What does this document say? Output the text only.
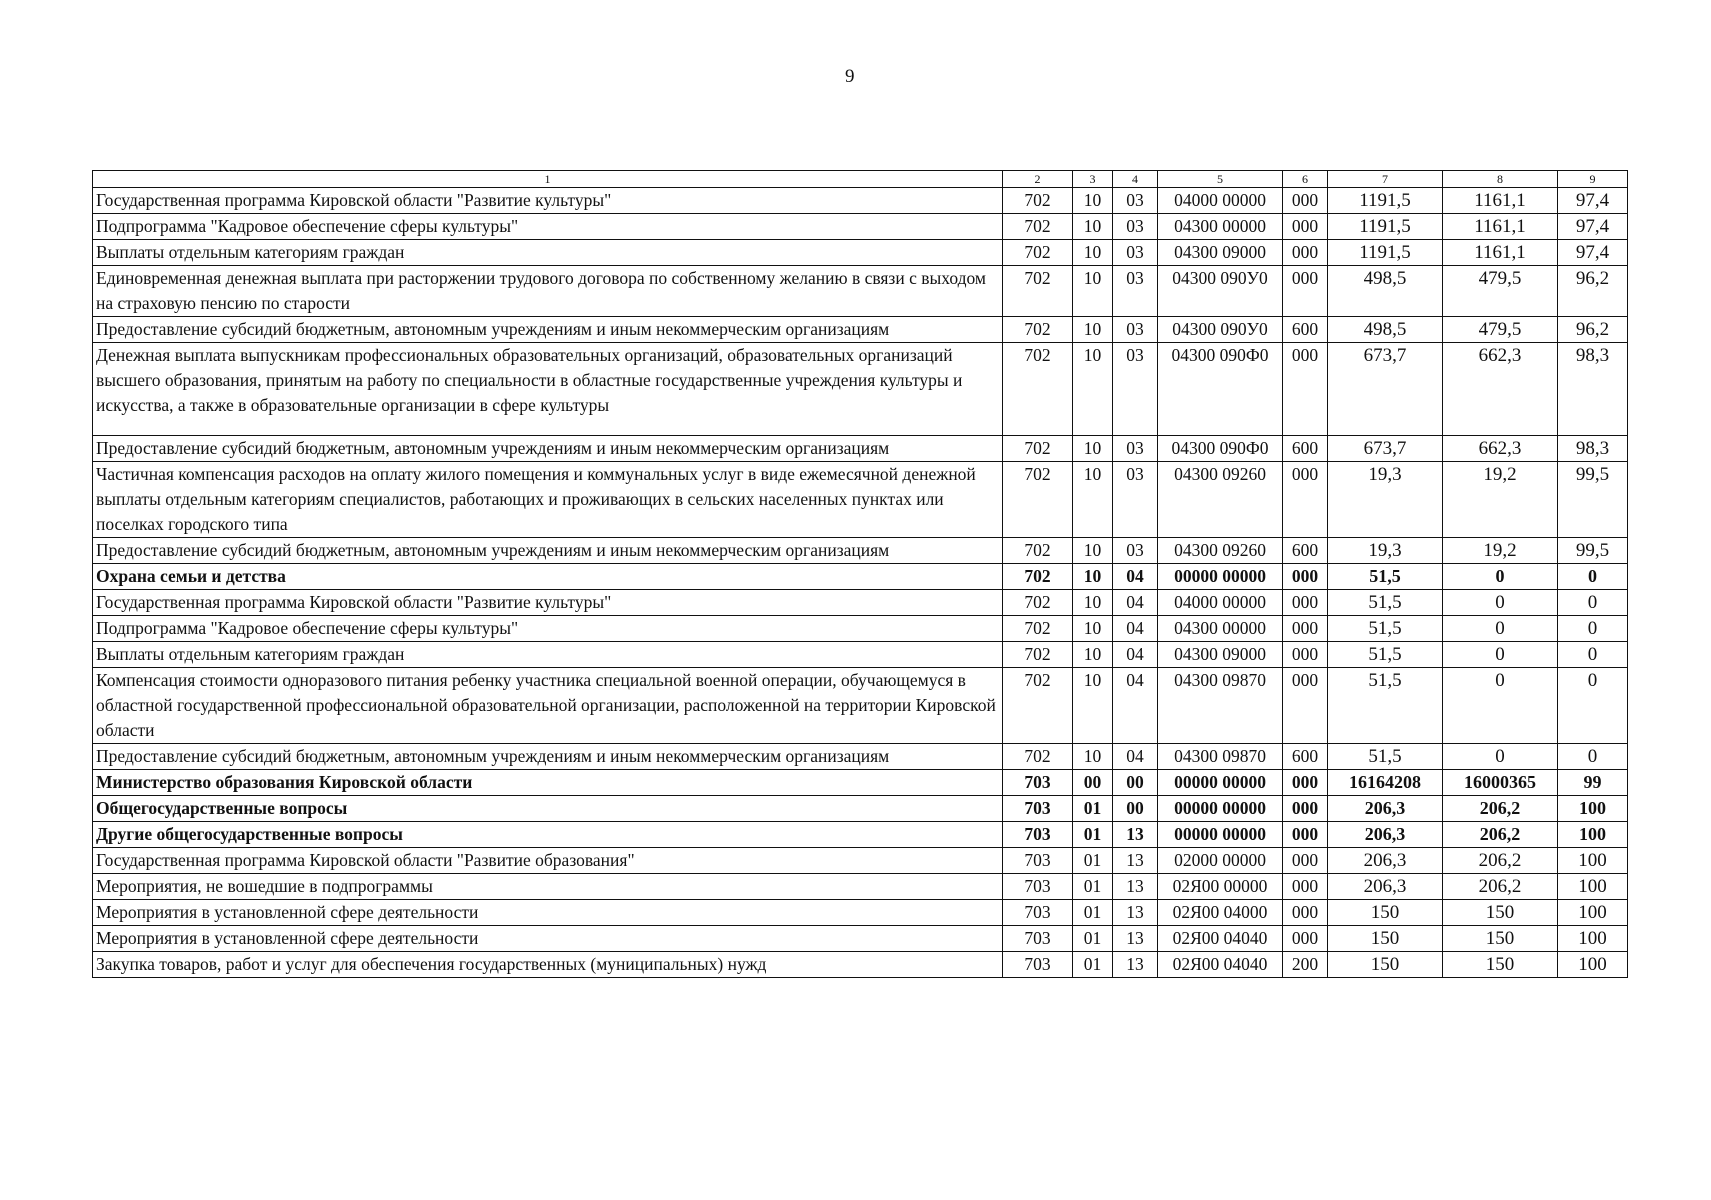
9
1	2	3	4	5	6	7	8	9
Государственная программа Кировской области "Развитие культуры"	702	10	03	04000 00000	000	1191,5	1161,1	97,4
Подпрограмма "Кадровое обеспечение сферы культуры"	702	10	03	04300 00000	000	1191,5	1161,1	97,4
Выплаты отдельным категориям граждан	702	10	03	04300 09000	000	1191,5	1161,1	97,4
Единовременная денежная выплата при расторжении трудового договора по собственному желанию в связи с выходом на страховую пенсию по старости	702	10	03	04300 090У0	000	498,5	479,5	96,2
Предоставление субсидий бюджетным, автономным учреждениям и иным некоммерческим организациям	702	10	03	04300 090У0	600	498,5	479,5	96,2
Денежная выплата выпускникам профессиональных образовательных организаций, образовательных организаций высшего образования, принятым на работу по специальности в областные государственные учреждения культуры и искусства, а также в образовательные организации в сфере культуры	702	10	03	04300 090Ф0	000	673,7	662,3	98,3
Предоставление субсидий бюджетным, автономным учреждениям и иным некоммерческим организациям	702	10	03	04300 090Ф0	600	673,7	662,3	98,3
Частичная компенсация расходов на оплату жилого помещения и коммунальных услуг в виде ежемесячной денежной выплаты отдельным категориям специалистов, работающих и проживающих в сельских населенных пунктах или поселках городского типа	702	10	03	04300 09260	000	19,3	19,2	99,5
Предоставление субсидий бюджетным, автономным учреждениям и иным некоммерческим организациям	702	10	03	04300 09260	600	19,3	19,2	99,5
Охрана семьи и детства	702	10	04	00000 00000	000	51,5	0	0
Государственная программа Кировской области "Развитие культуры"	702	10	04	04000 00000	000	51,5	0	0
Подпрограмма "Кадровое обеспечение сферы культуры"	702	10	04	04300 00000	000	51,5	0	0
Выплаты отдельным категориям граждан	702	10	04	04300 09000	000	51,5	0	0
Компенсация стоимости одноразового питания ребенку участника специальной военной операции, обучающемуся в областной государственной профессиональной образовательной организации, расположенной на территории Кировской области	702	10	04	04300 09870	000	51,5	0	0
Предоставление субсидий бюджетным, автономным учреждениям и иным некоммерческим организациям	702	10	04	04300 09870	600	51,5	0	0
Министерство образования Кировской области	703	00	00	00000 00000	000	16164208	16000365	99
Общегосударственные вопросы	703	01	00	00000 00000	000	206,3	206,2	100
Другие общегосударственные вопросы	703	01	13	00000 00000	000	206,3	206,2	100
Государственная программа Кировской области "Развитие образования"	703	01	13	02000 00000	000	206,3	206,2	100
Мероприятия, не вошедшие в подпрограммы	703	01	13	02Я00 00000	000	206,3	206,2	100
Мероприятия в установленной сфере деятельности	703	01	13	02Я00 04000	000	150	150	100
Мероприятия в установленной сфере деятельности	703	01	13	02Я00 04040	000	150	150	100
Закупка товаров, работ и услуг для обеспечения государственных (муниципальных) нужд	703	01	13	02Я00 04040	200	150	150	100
